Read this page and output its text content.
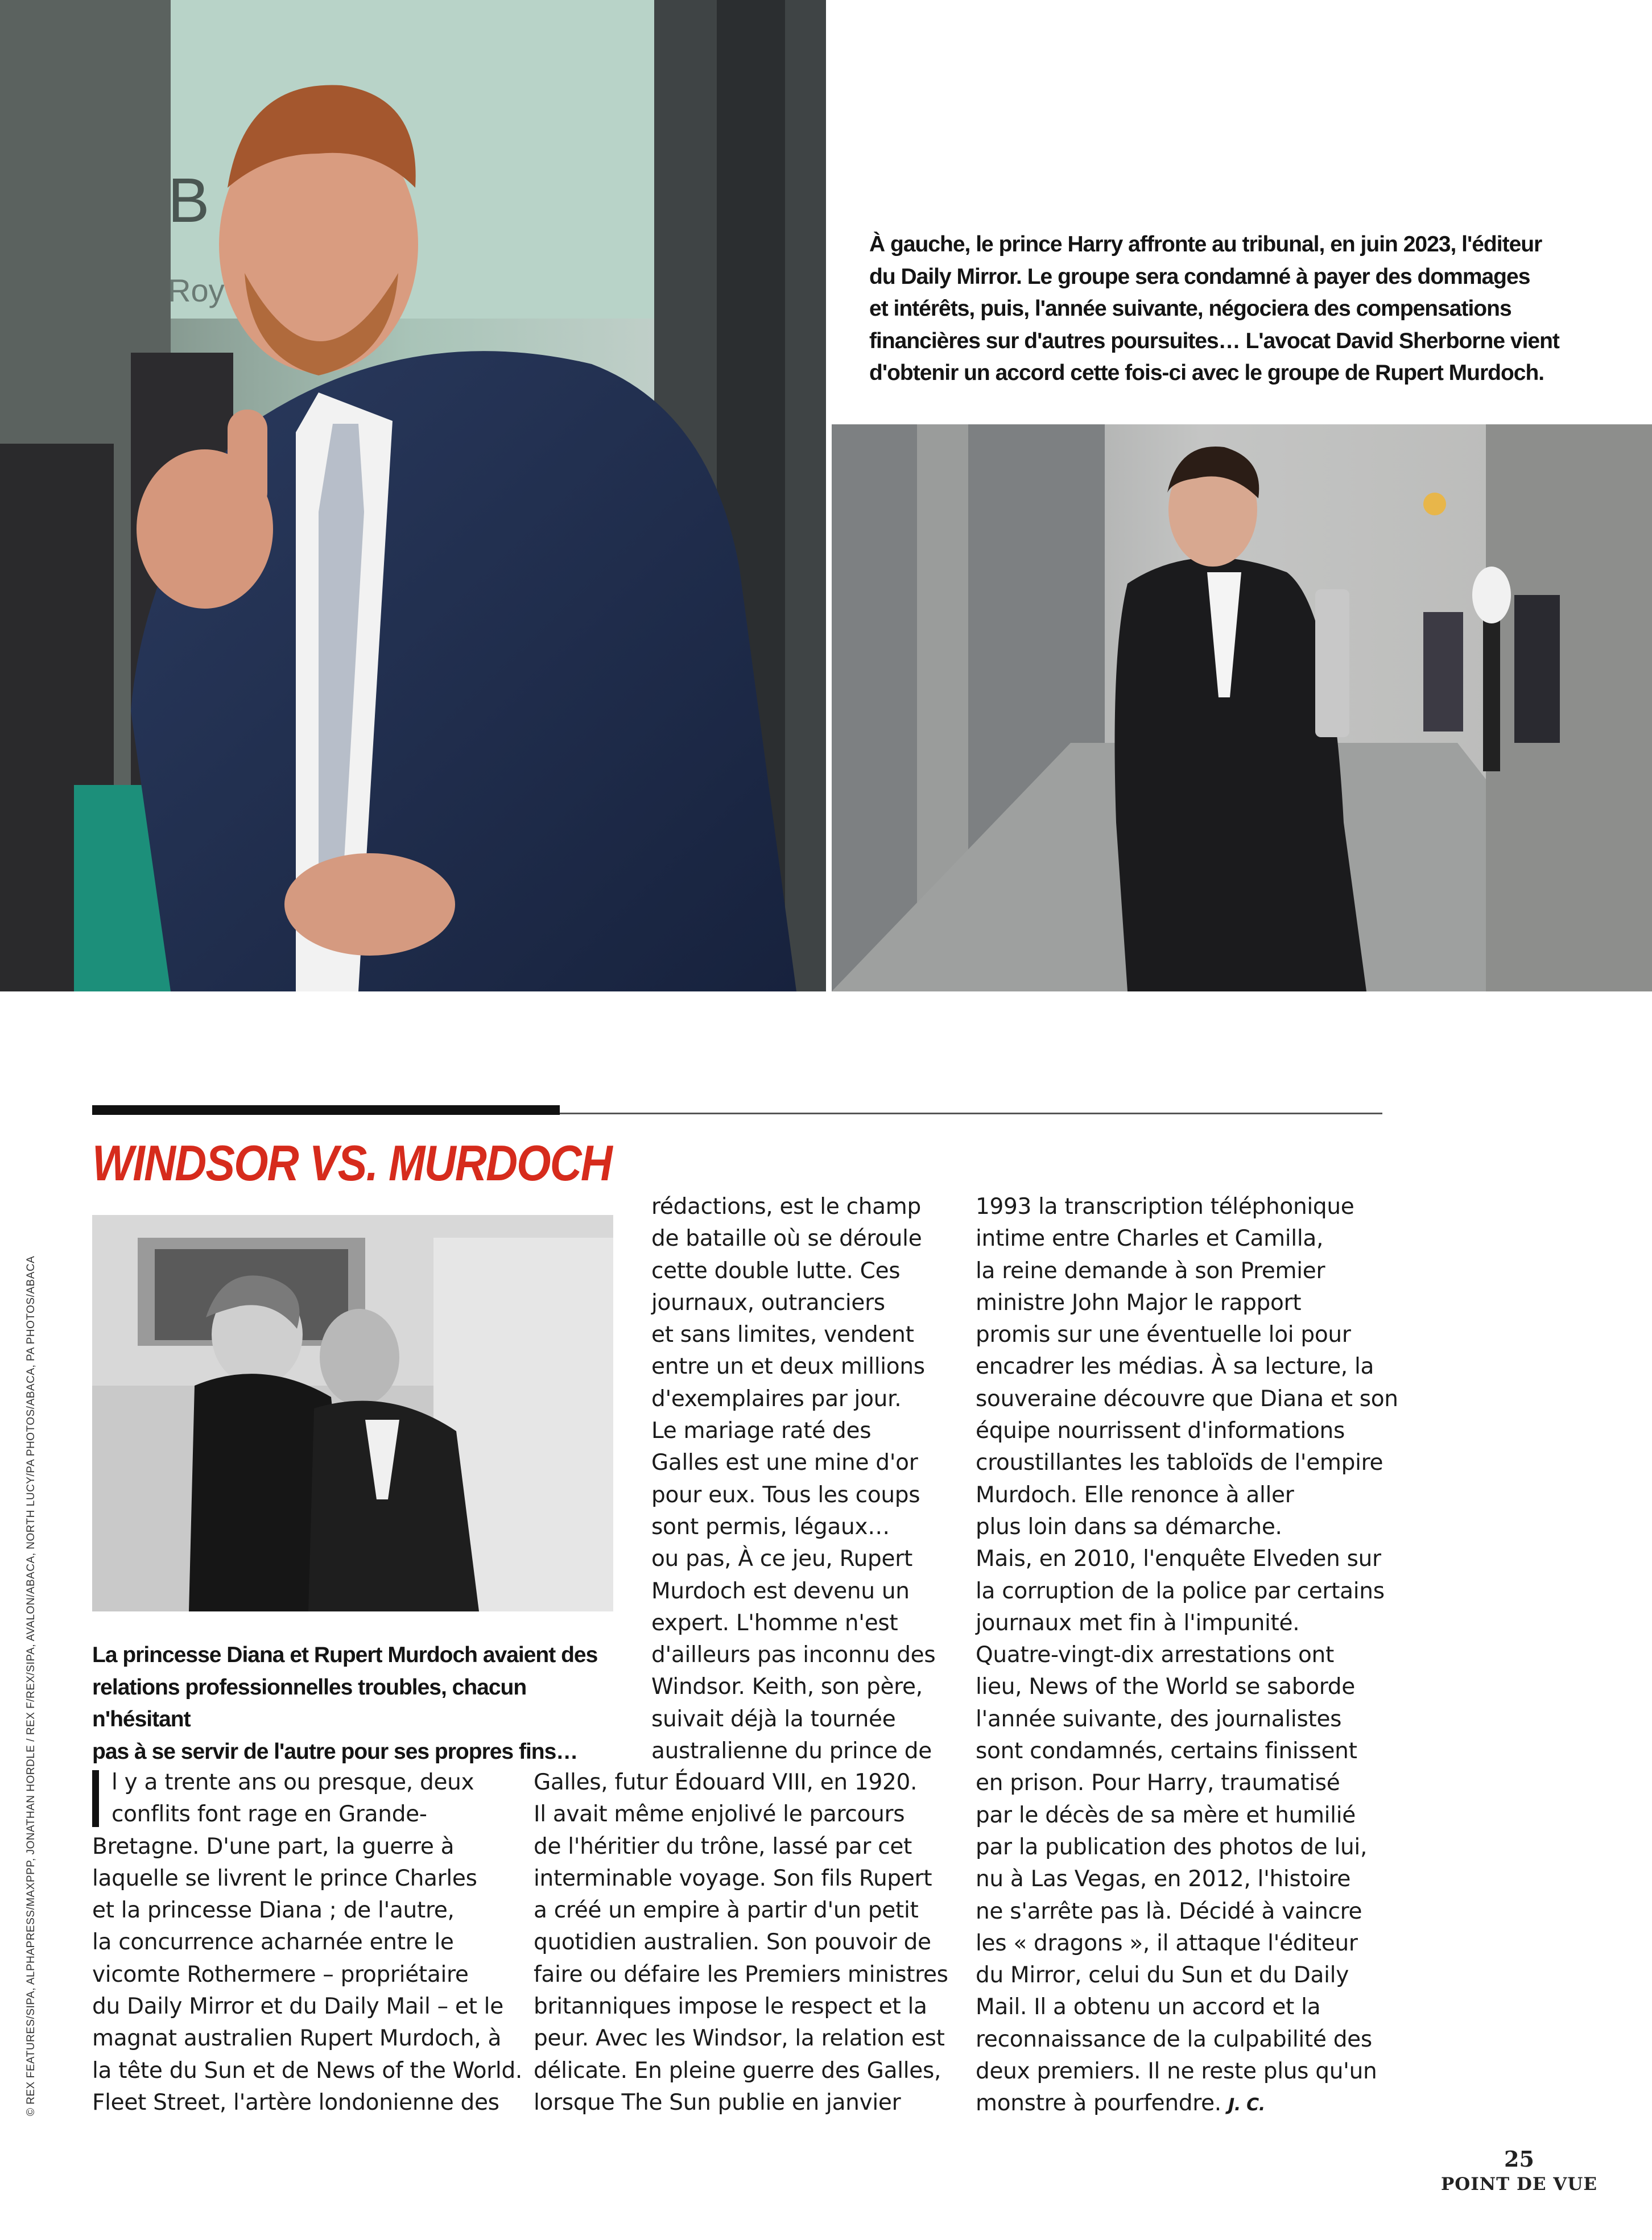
B
Roy

À gauche, le prince Harry affronte au tribunal, en juin 2023, l'éditeur

du Daily Mirror. Le groupe sera condamné à payer des dommages

et intérêts, puis, l'année suivante, négociera des compensations

financières sur d'autres poursuites… L'avocat David Sherborne vient

d'obtenir un accord cette fois-ci avec le groupe de Rupert Murdoch.

WINDSOR VS. MURDOCH

La princesse Diana et Rupert Murdoch avaient des

relations professionnelles troubles, chacun n'hésitant

pas à se servir de l'autre pour ses propres fins…

l y a trente ans ou presque, deux

conflits font rage en Grande-

Bretagne. D'une part, la guerre à

laquelle se livrent le prince Charles

et la princesse Diana ; de l'autre,

la concurrence acharnée entre le

vicomte Rothermere – propriétaire

du Daily Mirror et du Daily Mail – et le

magnat australien Rupert Murdoch, à

la tête du Sun et de News of the World.

Fleet Street, l'artère londonienne des

rédactions, est le champ

de bataille où se déroule

cette double lutte. Ces

journaux, outranciers

et sans limites, vendent

entre un et deux millions

d'exemplaires par jour.

Le mariage raté des

Galles est une mine d'or

pour eux. Tous les coups

sont permis, légaux…

ou pas, À ce jeu, Rupert

Murdoch est devenu un

expert. L'homme n'est

d'ailleurs pas inconnu des

Windsor. Keith, son père,

suivait déjà la tournée

australienne du prince de

Galles, futur Édouard VIII, en 1920.

Il avait même enjolivé le parcours

de l'héritier du trône, lassé par cet

interminable voyage. Son fils Rupert

a créé un empire à partir d'un petit

quotidien australien. Son pouvoir de

faire ou défaire les Premiers ministres

britanniques impose le respect et la

peur. Avec les Windsor, la relation est

délicate. En pleine guerre des Galles,

lorsque The Sun publie en janvier

1993 la transcription téléphonique

intime entre Charles et Camilla,

la reine demande à son Premier

ministre John Major le rapport

promis sur une éventuelle loi pour

encadrer les médias. À sa lecture, la

souveraine découvre que Diana et son

équipe nourrissent d'informations

croustillantes les tabloïds de l'empire

Murdoch. Elle renonce à aller

plus loin dans sa démarche.

Mais, en 2010, l'enquête Elveden sur

la corruption de la police par certains

journaux met fin à l'impunité.

Quatre-vingt-dix arrestations ont

lieu, News of the World se saborde

l'année suivante, des journalistes

sont condamnés, certains finissent

en prison. Pour Harry, traumatisé

par le décès de sa mère et humilié

par la publication des photos de lui,

nu à Las Vegas, en 2012, l'histoire

ne s'arrête pas là. Décidé à vaincre

les « dragons », il attaque l'éditeur

du Mirror, celui du Sun et du Daily

Mail. Il a obtenu un accord et la

reconnaissance de la culpabilité des

deux premiers. Il ne reste plus qu'un

monstre à pourfendre. J. C.

© REX FEATURES/SIPA, ALPHAPRESS/MAXPPP, JONATHAN HORDLE / REX F/REX/SIPA, AVALON/ABACA, NORTH LUCY/PA PHOTOS/ABACA, PA PHOTOS/ABACA
25
POINT DE VUE
